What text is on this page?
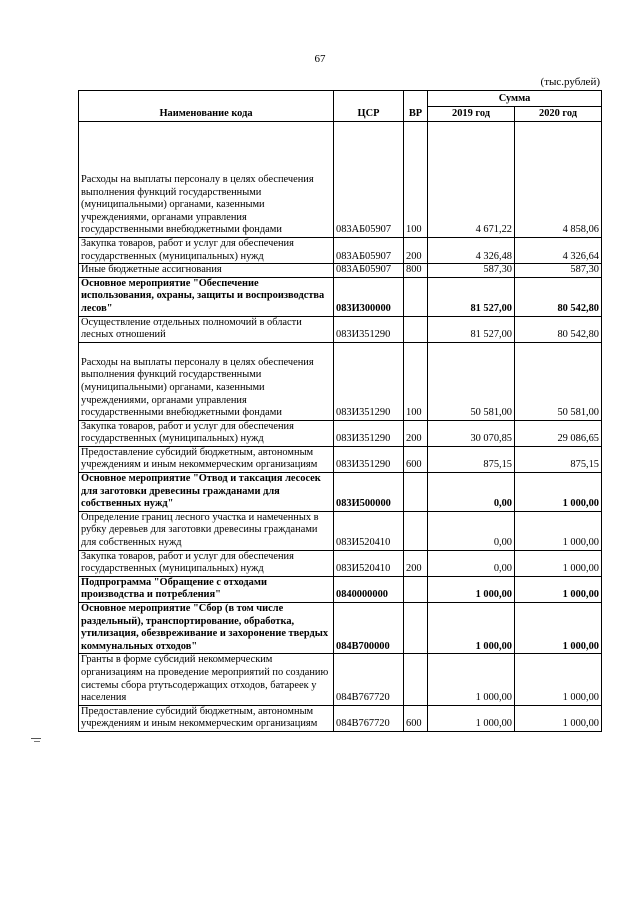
67
(тыс.рублей)
Наименование кода	ЦСР	ВР	Сумма	
			2019 год	2020 год

Расходы на выплаты персоналу в целях обеспечения выполнения функций государственными (муниципальными) органами, казенными учреждениями, органами управления государственными внебюджетными фондами	083АБ05907	100	4 671,22	4 858,06
Закупка товаров, работ и услуг для обеспечения государственных (муниципальных) нужд	083АБ05907	200	4 326,48	4 326,64
Иные бюджетные ассигнования	083АБ05907	800	587,30	587,30
Основное мероприятие "Обеспечение использования, охраны, защиты и воспроизводства лесов"	083И300000		81 527,00	80 542,80
Осуществление отдельных полномочий в области лесных отношений	083И351290		81 527,00	80 542,80
Расходы на выплаты персоналу в целях обеспечения выполнения функций государственными (муниципальными) органами, казенными учреждениями, органами управления государственными внебюджетными фондами	083И351290	100	50 581,00	50 581,00
Закупка товаров, работ и услуг для обеспечения государственных (муниципальных) нужд	083И351290	200	30 070,85	29 086,65
Предоставление субсидий бюджетным, автономным учреждениям и иным некоммерческим организациям	083И351290	600	875,15	875,15
Основное мероприятие "Отвод и таксация лесосек для заготовки древесины гражданами для собственных нужд"	083И500000		0,00	1 000,00
Определение границ лесного участка и намеченных в рубку деревьев для заготовки древесины гражданами для собственных нужд	083И520410		0,00	1 000,00
Закупка товаров, работ и услуг для обеспечения государственных (муниципальных) нужд	083И520410	200	0,00	1 000,00
Подпрограмма "Обращение с отходами производства и потребления"	0840000000		1 000,00	1 000,00
Основное мероприятие "Сбор (в том числе раздельный), транспортирование, обработка, утилизация, обезвреживание и захоронение твердых коммунальных отходов"	084В700000		1 000,00	1 000,00
Гранты в форме субсидий некоммерческим организациям на проведение мероприятий по созданию системы сбора ртутьсодержащих отходов, батареек у населения	084В767720		1 000,00	1 000,00
Предоставление субсидий бюджетным, автономным учреждениям и иным некоммерческим организациям	084В767720	600	1 000,00	1 000,00
